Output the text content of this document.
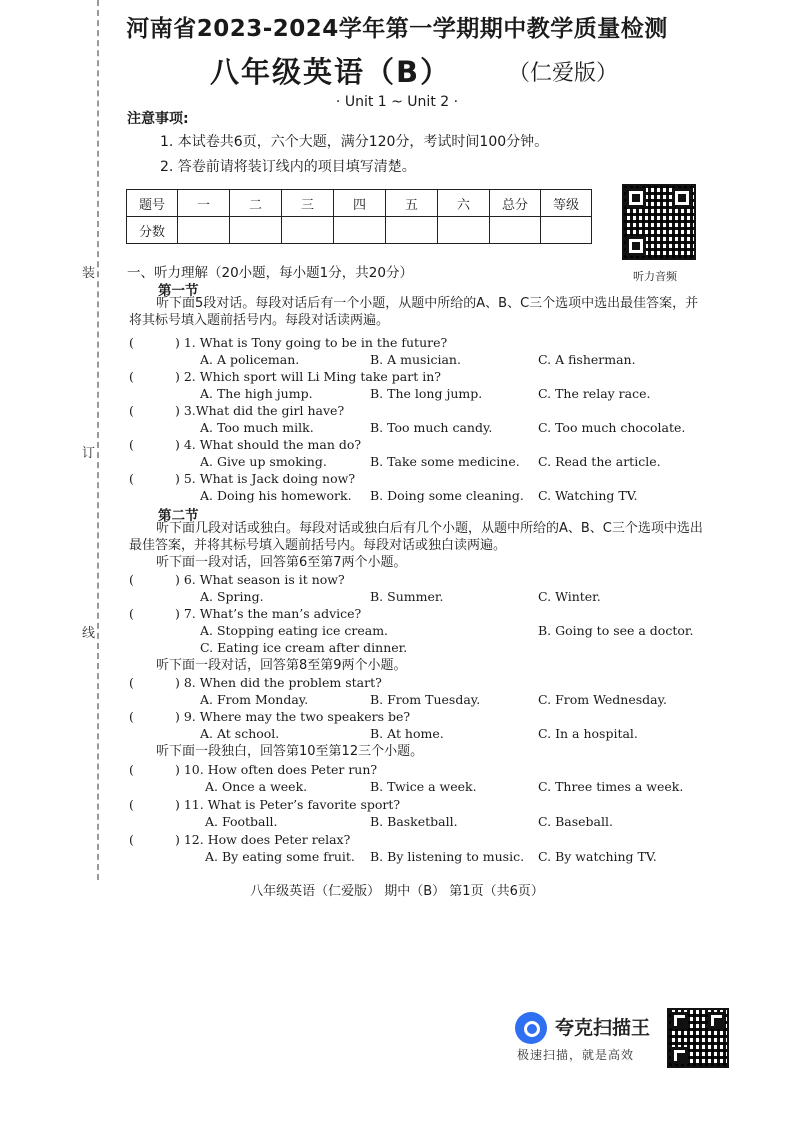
装
订
线
河南省2023-2024学年第一学期期中教学质量检测
八年级英语（B）	（仁爱版）
· Unit 1 ~ Unit 2 ·
注意事项:
1. 本试卷共6页，六个大题，满分120分，考试时间100分钟。
2. 答卷前请将装订线内的项目填写清楚。
题号	一	二	三	四	五	六	总分	等级
分数								
听力音频
一、听力理解（20小题，每小题1分，共20分）
第一节
听下面5段对话。每段对话后有一个小题，从题中所给的A、B、C三个选项中选出最佳答案，并将其标号填入题前括号内。每段对话读两遍。
第二节
听下面几段对话或独白。每段对话或独白后有几个小题，从题中所给的A、B、C三个选项中选出最佳答案，并将其标号填入题前括号内。每段对话或独白读两遍。
听下面一段对话，回答第6至第7两个小题。
听下面一段对话，回答第8至第9两个小题。
听下面一段独白，回答第10至第12三个小题。
八年级英语（仁爱版） 期中（B） 第1页（共6页）
夸克扫描王
极速扫描，就是高效
(	) 1. What is Tony going to be in the future?
A. A policeman.	B. A musician.	C. A fisherman.
(	) 2. Which sport will Li Ming take part in?
A. The high jump.	B. The long jump.	C. The relay race.
(	) 3.What did the girl have?
A. Too much milk.	B. Too much candy.	C. Too much chocolate.
(	) 4. What should the man do?
A. Give up smoking.	B. Take some medicine. C. Read the article.
(	) 5. What is Jack doing now?
A. Doing his homework. B. Doing some cleaning. C. Watching TV.
(	) 6. What season is it now?
A. Spring.	B. Summer.	C. Winter.
(	) 7. What’s the man’s advice?
A. Stopping eating ice cream.	B. Going to see a doctor.
C. Eating ice cream after dinner.
(	) 8. When did the problem start?
A. From Monday.	B. From Tuesday.	C. From Wednesday.
(	) 9. Where may the two speakers be?
A. At school.	B. At home.	C. In a hospital.
(	) 10. How often does Peter run?
A. Once a week.	B. Twice a week.	C. Three times a week.
(	) 11. What is Peter’s favorite sport?
A. Football.	B. Basketball.	C. Baseball.
(	) 12. How does Peter relax?
A. By eating some fruit. B. By listening to music. C. By watching TV.
